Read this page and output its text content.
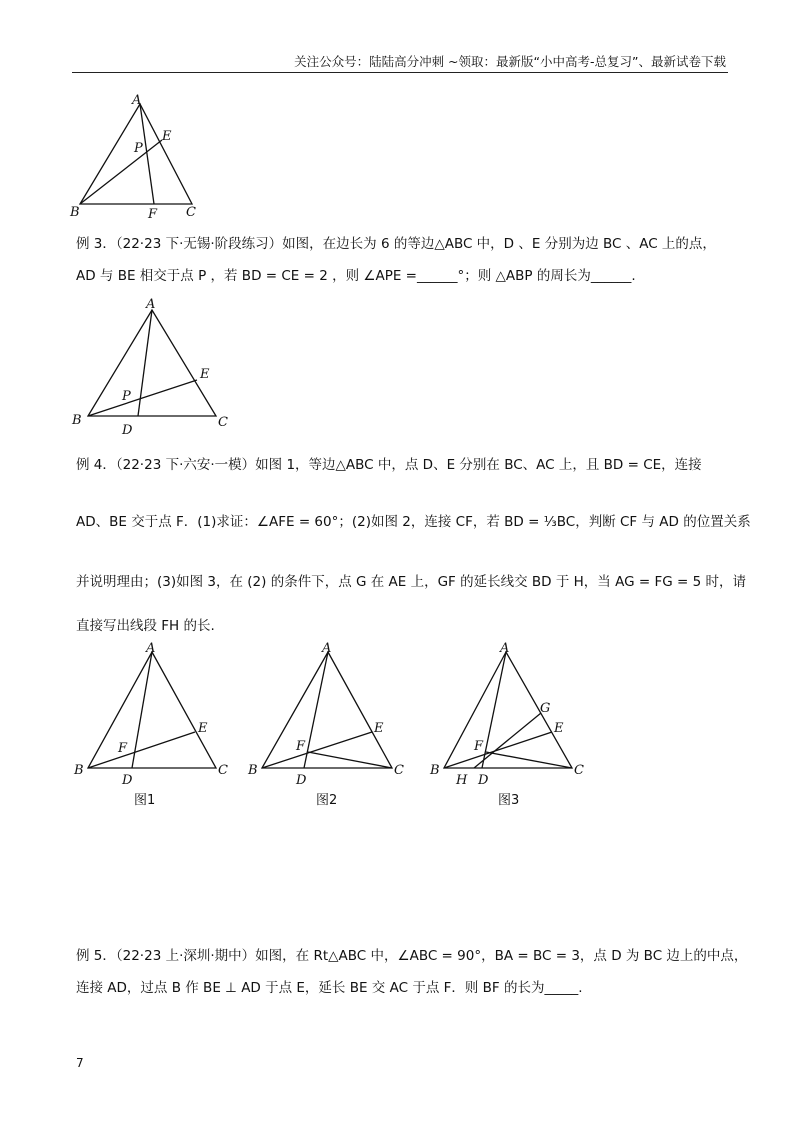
关注公众号：陆陆高分冲刺 ~领取：最新版“小中高考-总复习”、最新试卷下载
A
E
P
B	F C
例 3．（22·23 下·无锡·阶段练习）如图，在边长为 6 的等边△ABC 中，D 、E 分别为边 BC 、AC 上的点，
AD 与 BE 相交于点 P ，若 BD = CE = 2 ，则 ∠APE =______°；则 △ABP 的周长为______.
A
E
P
B
D
C
例 4．（22·23 下·六安·一模）如图 1，等边△ABC 中，点 D、E 分别在 BC、AC 上，且 BD = CE，连接
AD、BE 交于点 F．(1)求证：∠AFE = 60°；(2)如图 2，连接 CF，若 BD = ⅓BC，判断 CF 与 AD 的位置关系
并说明理由；(3)如图 3，在 (2) 的条件下，点 G 在 AE 上，GF 的延长线交 BD 于 H，当 AG = FG = 5 时，请
直接写出线段 FH 的长.
A
E
F
B
D
C
图1
A
E
F
B
D
C
图2
A
G
E
F
B
H D
C
图3
例 5．（22·23 上·深圳·期中）如图，在 Rt△ABC 中，∠ABC = 90°，BA = BC = 3，点 D 为 BC 边上的中点，
连接 AD，过点 B 作 BE ⊥ AD 于点 E，延长 BE 交 AC 于点 F．则 BF 的长为_____.
7
